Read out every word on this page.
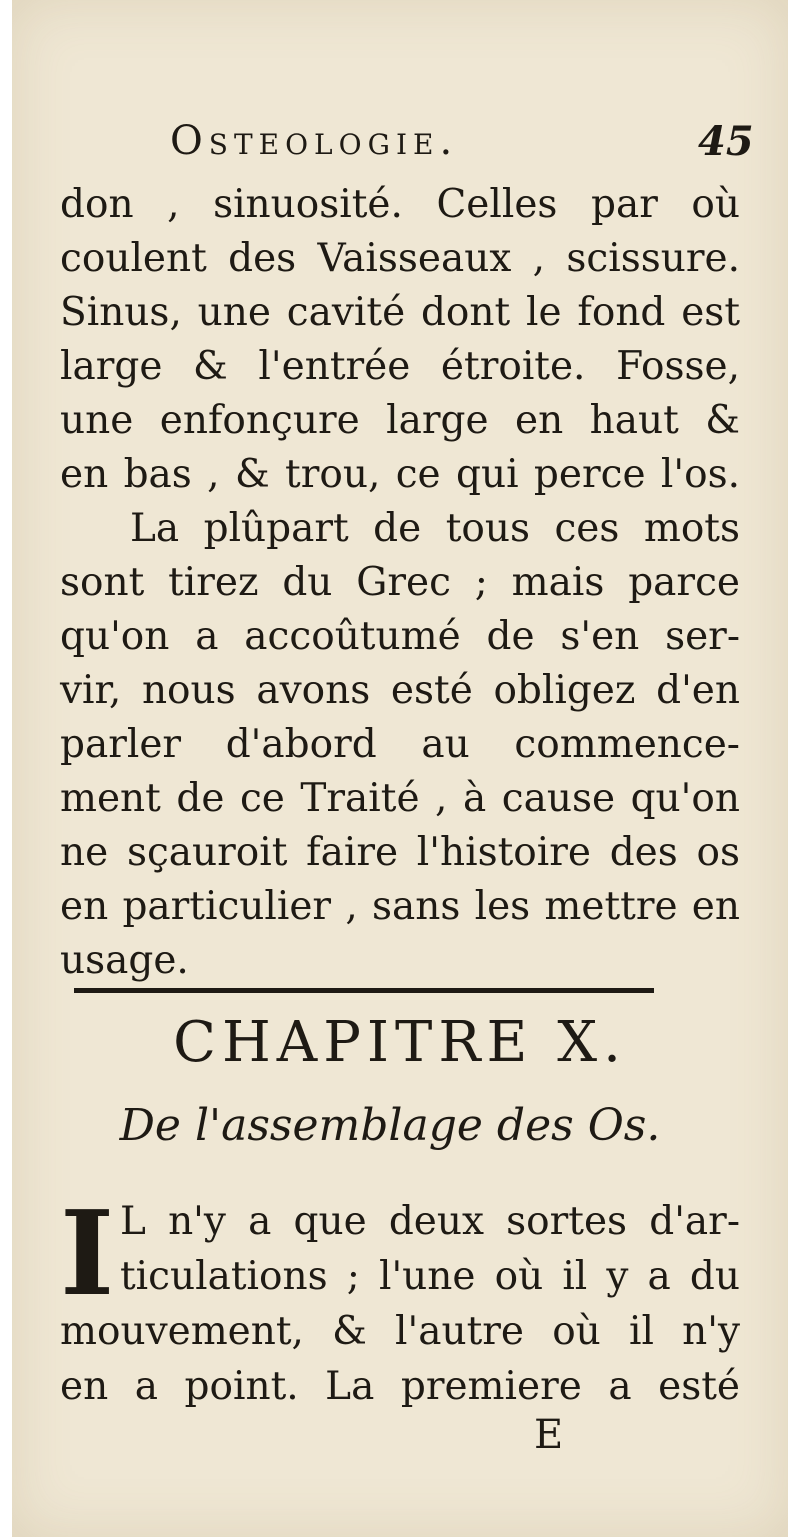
Osteologie.	45
don , sinuosité. Celles par où
coulent des Vaisseaux , scissure.
Sinus, une cavité dont le fond est
large & l'entrée étroite. Fosse,
une enfonçure large en haut &
en bas , & trou, ce qui perce l'os.
La plûpart de tous ces mots
sont tirez du Grec ; mais parce
qu'on a accoûtumé de s'en ser-
vir, nous avons esté obligez d'en
parler d'abord au commence-
ment de ce Traité , à cause qu'on
ne sçauroit faire l'histoire des os
en particulier , sans les mettre en
usage.
CHAPITRE X.
De l'assemblage des Os.
I L n'y a que deux sortes d'ar-
ticulations ; l'une où il y a du
mouvement, & l'autre où il n'y
en a point. La premiere a esté
E
